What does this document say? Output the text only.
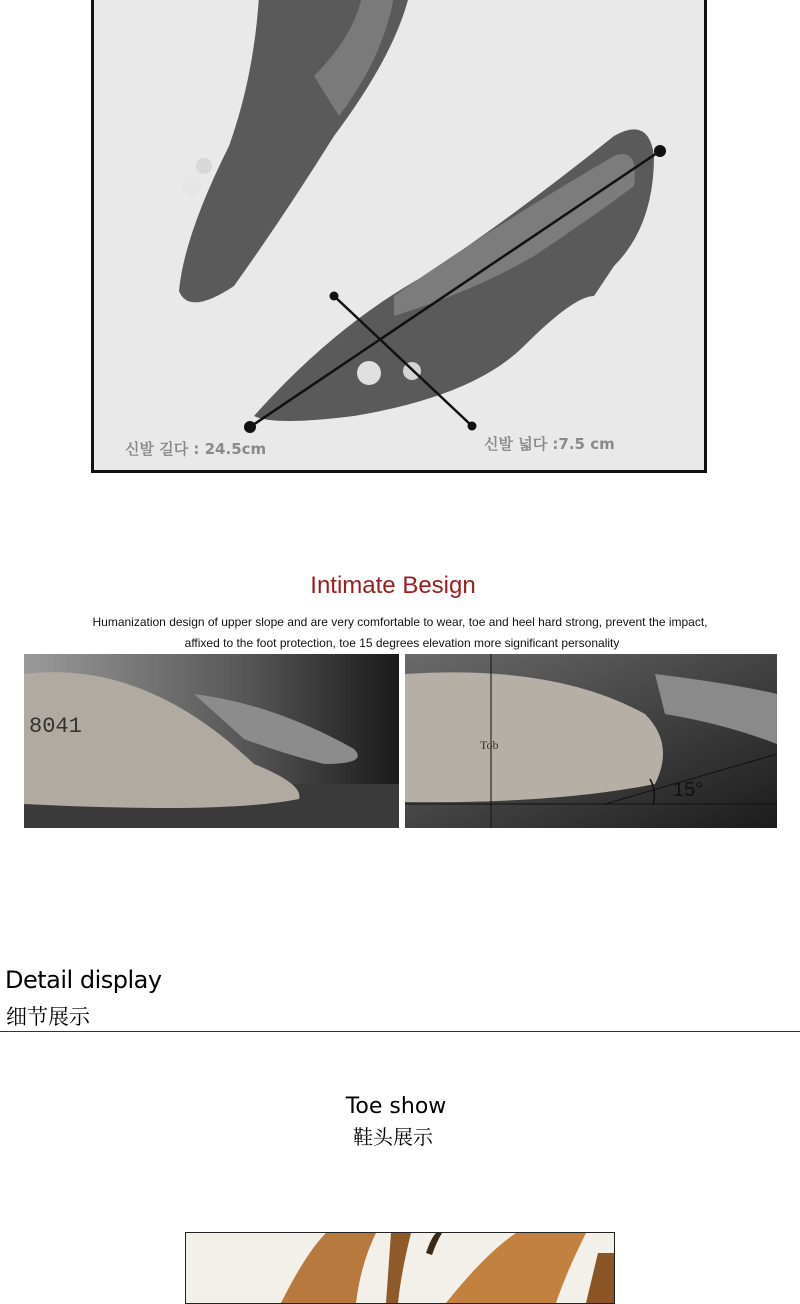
신발 길다 : 24.5cm	신발 넓다 :7.5 cm
Intimate Besign
Humanization design of upper slope and are very comfortable to wear, toe and heel hard strong, prevent the impact,
affixed to the foot protection, toe 15 degrees elevation more significant personality
8041
15°
Tob
Detail display
细节展示
Toe show
鞋头展示
